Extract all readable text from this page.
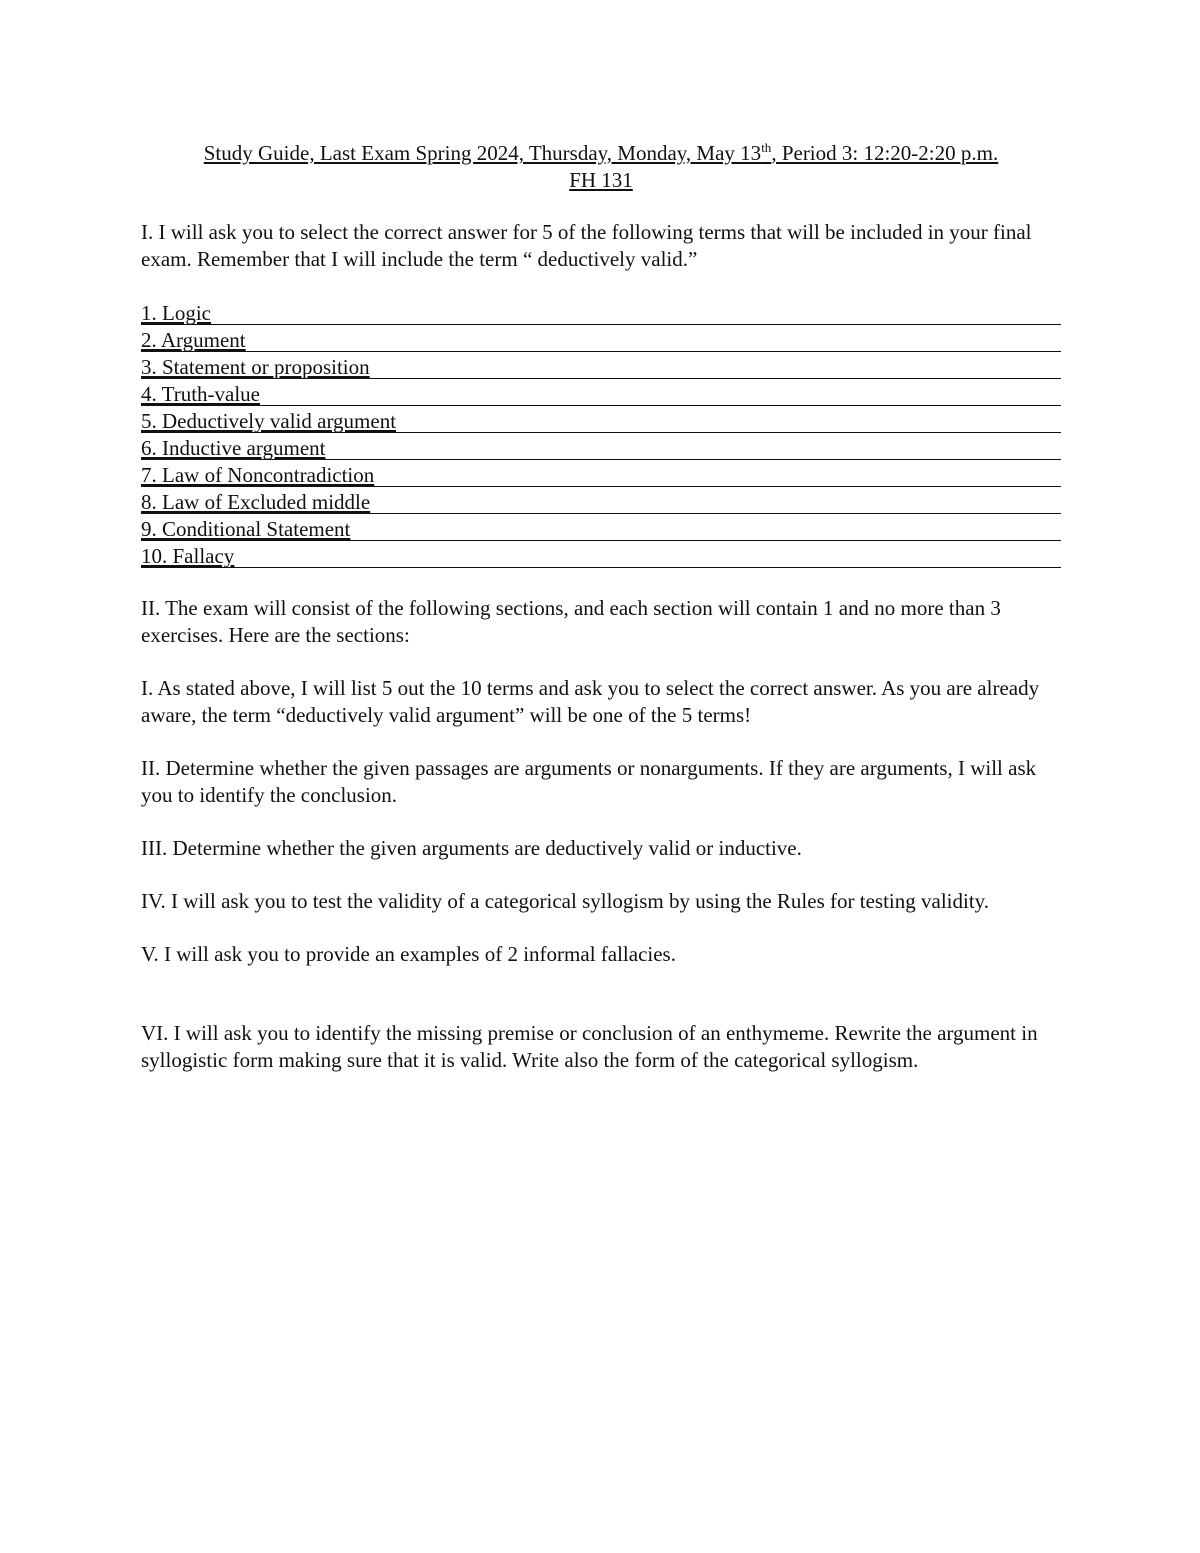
Study Guide, Last Exam Spring 2024, Thursday, Monday, May 13th, Period 3: 12:20-2:20 p.m.
FH 131

I. I will ask you to select the correct answer for 5 of the following terms that will be included in your final exam. Remember that I will include the term “ deductively valid.”

1. Logic
2. Argument
3. Statement or proposition
4. Truth-value
5. Deductively valid argument
6. Inductive argument
7. Law of Noncontradiction
8. Law of Excluded middle
9. Conditional Statement
10. Fallacy

II. The exam will consist of the following sections, and each section will contain 1 and no more than 3 exercises. Here are the sections:

I. As stated above, I will list 5 out the 10 terms and ask you to select the correct answer. As you are already aware, the term “deductively valid argument” will be one of the 5 terms!

II. Determine whether the given passages are arguments or nonarguments. If they are arguments, I will ask you to identify the conclusion.

III. Determine whether the given arguments are deductively valid or inductive.

IV. I will ask you to test the validity of a categorical syllogism by using the Rules for testing validity.

V. I will ask you to provide an examples of 2 informal fallacies.

VI. I will ask you to identify the missing premise or conclusion of an enthymeme. Rewrite the argument in syllogistic form making sure that it is valid. Write also the form of the categorical syllogism.
